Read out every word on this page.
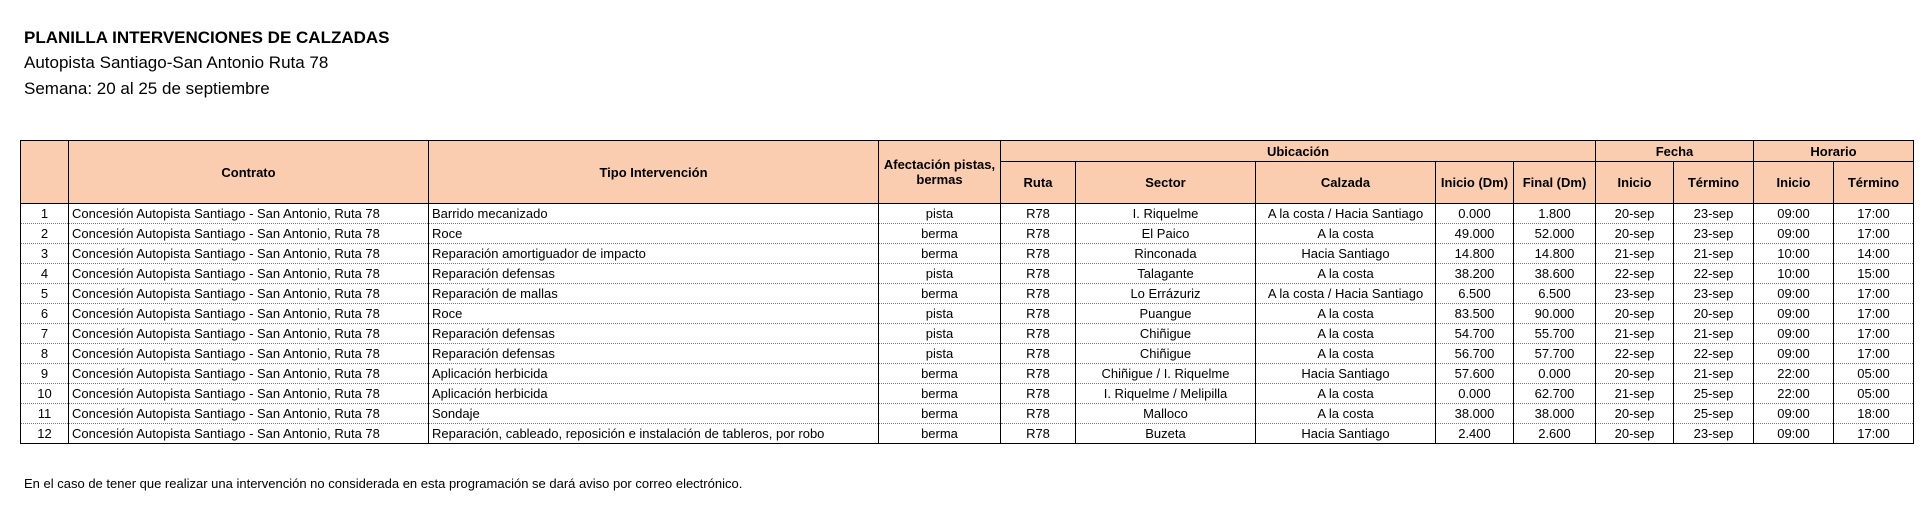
PLANILLA INTERVENCIONES DE CALZADAS
Autopista Santiago-San Antonio Ruta 78
Semana: 20 al 25 de septiembre
	Contrato	Tipo Intervención	Afectación pistas, bermas	Ubicación					Fecha		Horario	
				Ruta	Sector	Calzada	Inicio (Dm)	Final (Dm)	Inicio	Término	Inicio	Término
1	Concesión Autopista Santiago - San Antonio, Ruta 78	Barrido mecanizado	pista	R78	I. Riquelme	A la costa / Hacia Santiago	0.000	1.800	20-sep	23-sep	09:00	17:00
2	Concesión Autopista Santiago - San Antonio, Ruta 78	Roce	berma	R78	El Paico	A la costa	49.000	52.000	20-sep	23-sep	09:00	17:00
3	Concesión Autopista Santiago - San Antonio, Ruta 78	Reparación amortiguador de impacto	berma	R78	Rinconada	Hacia Santiago	14.800	14.800	21-sep	21-sep	10:00	14:00
4	Concesión Autopista Santiago - San Antonio, Ruta 78	Reparación defensas	pista	R78	Talagante	A la costa	38.200	38.600	22-sep	22-sep	10:00	15:00
5	Concesión Autopista Santiago - San Antonio, Ruta 78	Reparación de mallas	berma	R78	Lo Errázuriz	A la costa / Hacia Santiago	6.500	6.500	23-sep	23-sep	09:00	17:00
6	Concesión Autopista Santiago - San Antonio, Ruta 78	Roce	pista	R78	Puangue	A la costa	83.500	90.000	20-sep	20-sep	09:00	17:00
7	Concesión Autopista Santiago - San Antonio, Ruta 78	Reparación defensas	pista	R78	Chiñigue	A la costa	54.700	55.700	21-sep	21-sep	09:00	17:00
8	Concesión Autopista Santiago - San Antonio, Ruta 78	Reparación defensas	pista	R78	Chiñigue	A la costa	56.700	57.700	22-sep	22-sep	09:00	17:00
9	Concesión Autopista Santiago - San Antonio, Ruta 78	Aplicación herbicida	berma	R78	Chiñigue / I. Riquelme	Hacia Santiago	57.600	0.000	20-sep	21-sep	22:00	05:00
10	Concesión Autopista Santiago - San Antonio, Ruta 78	Aplicación herbicida	berma	R78	I. Riquelme / Melipilla	A la costa	0.000	62.700	21-sep	25-sep	22:00	05:00
11	Concesión Autopista Santiago - San Antonio, Ruta 78	Sondaje	berma	R78	Malloco	A la costa	38.000	38.000	20-sep	25-sep	09:00	18:00
12	Concesión Autopista Santiago - San Antonio, Ruta 78	Reparación, cableado, reposición e instalación de tableros, por robo	berma	R78	Buzeta	Hacia Santiago	2.400	2.600	20-sep	23-sep	09:00	17:00
En el caso de tener que realizar una intervención no considerada en esta programación se dará aviso por correo electrónico.
